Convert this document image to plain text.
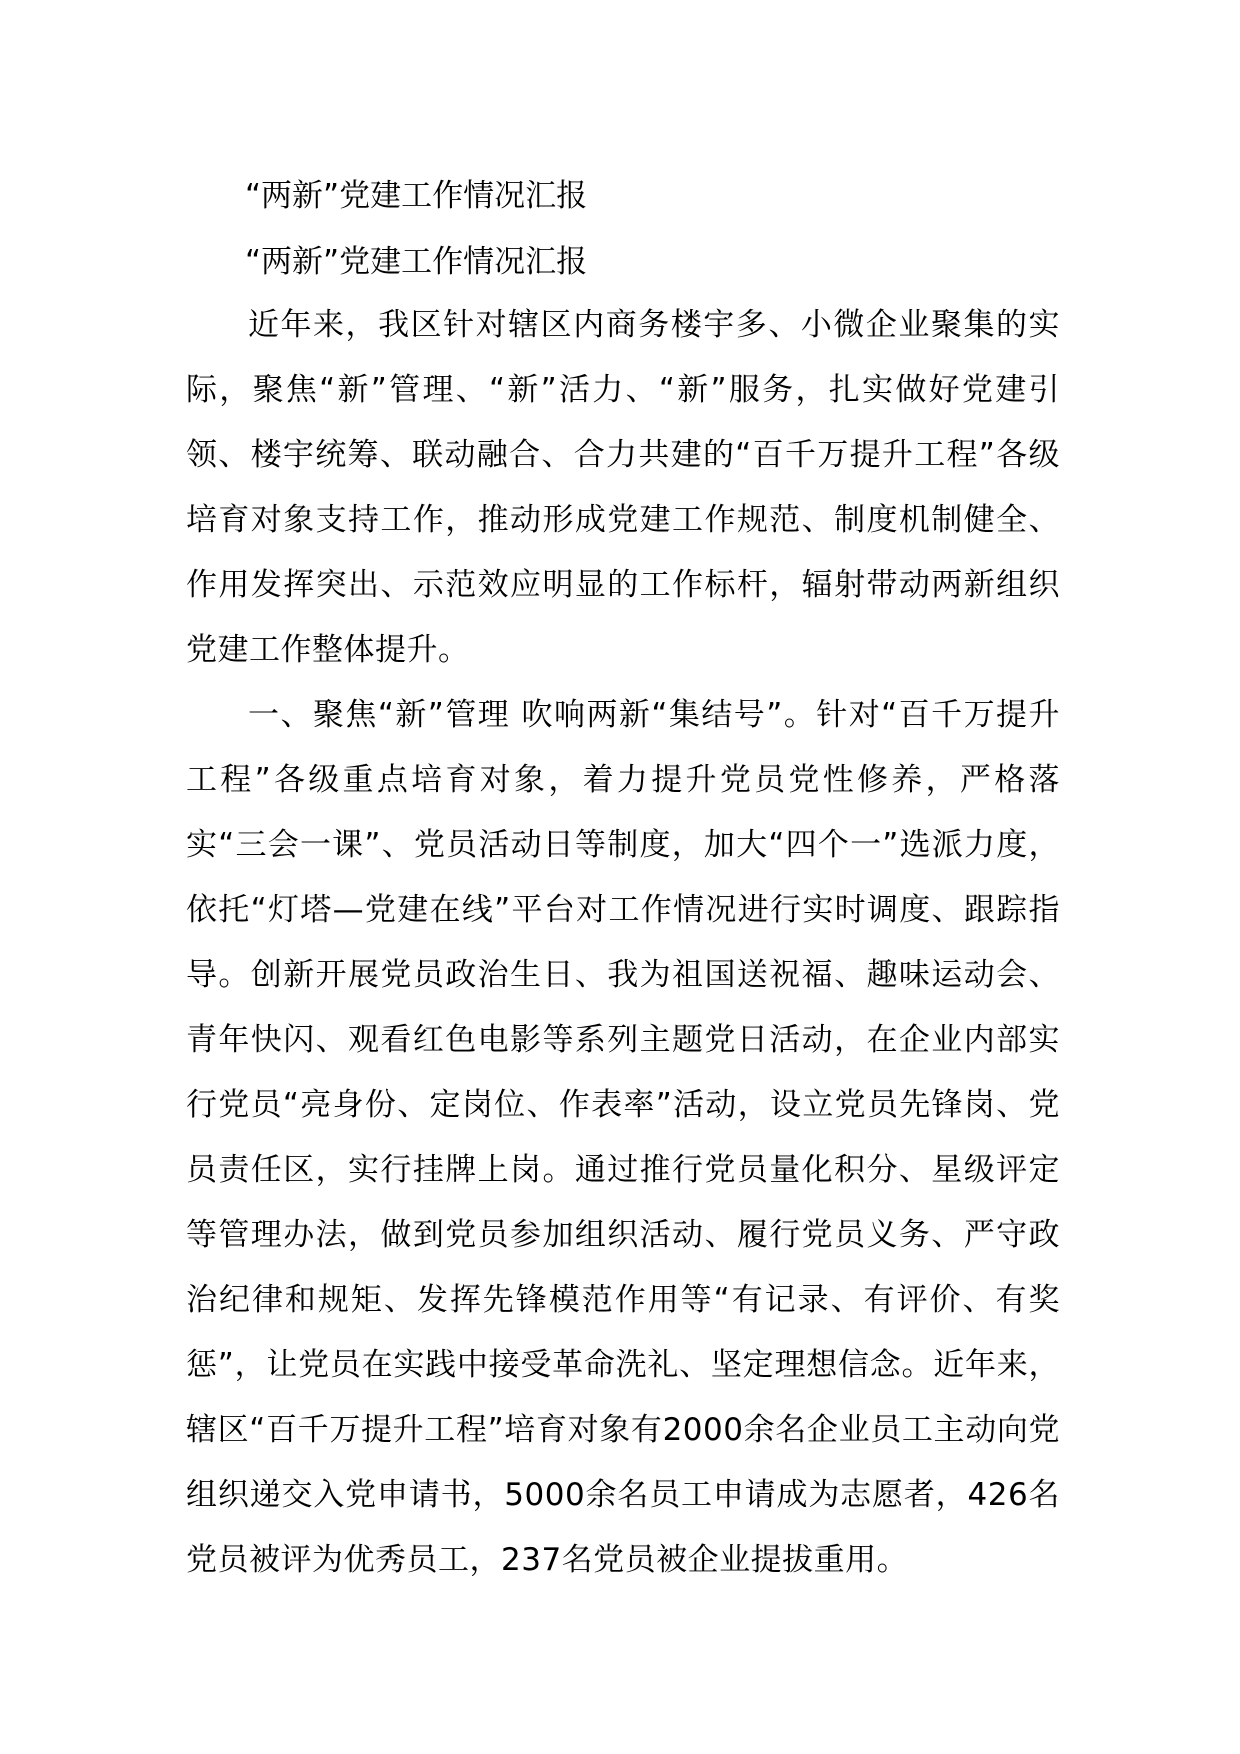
“两新”党建工作情况汇报
“两新”党建工作情况汇报

近年来，我区针对辖区内商务楼宇多、小微企业聚集的实际，聚焦“新”管理、“新”活力、“新”服务，扎实做好党建引领、楼宇统筹、联动融合、合力共建的“百千万提升工程”各级培育对象支持工作，推动形成党建工作规范、制度机制健全、作用发挥突出、示范效应明显的工作标杆，辐射带动两新组织党建工作整体提升。

一、聚焦“新”管理 吹响两新“集结号”。针对“百千万提升工程”各级重点培育对象，着力提升党员党性修养，严格落实“三会一课”、党员活动日等制度，加大“四个一”选派力度，依托“灯塔—党建在线”平台对工作情况进行实时调度、跟踪指导。创新开展党员政治生日、我为祖国送祝福、趣味运动会、青年快闪、观看红色电影等系列主题党日活动，在企业内部实行党员“亮身份、定岗位、作表率”活动，设立党员先锋岗、党员责任区，实行挂牌上岗。通过推行党员量化积分、星级评定等管理办法，做到党员参加组织活动、履行党员义务、严守政治纪律和规矩、发挥先锋模范作用等“有记录、有评价、有奖惩”，让党员在实践中接受革命洗礼、坚定理想信念。近年来，辖区“百千万提升工程”培育对象有2000余名企业员工主动向党组织递交入党申请书，5000余名员工申请成为志愿者，426名党员被评为优秀员工，237名党员被企业提拔重用。
